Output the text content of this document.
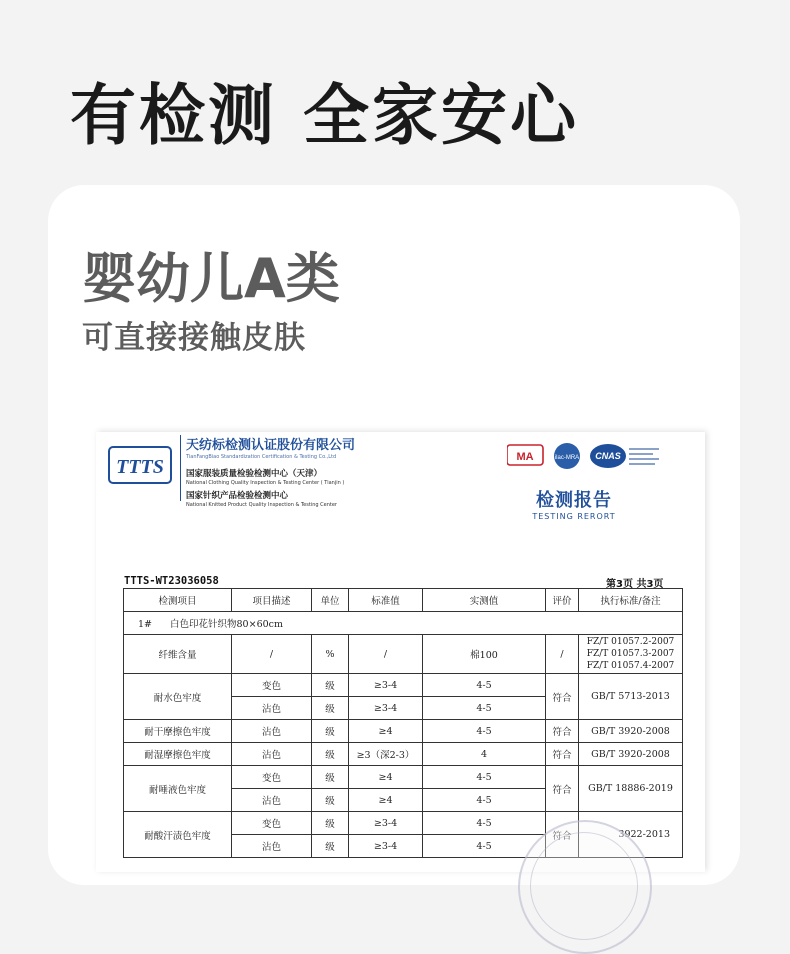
有检测 全家安心
婴幼儿A类
可直接接触皮肤
TTTS
天纺标检测认证股份有限公司
TianFangBiao Standardization Certification & Testing Co.,Ltd
国家服装质量检验检测中心（天津）
National Clothing Quality Inspection & Testing Center ( Tianjin )
国家针织产品检验检测中心
National Knitted Product Quality Inspection & Testing Center
MA	ilac-MRA CNAS
检测报告
TESTING RERORT
TTTS-WT23036058	第3页 共3页
检测项目	项目描述	单位	标准值	实测值	评价	执行标准/备注
1# 白色印花针织物80×60cm						
纤维含量	/	%	/	棉100	/	FZ/T 01057.2-2007
FZ/T 01057.3-2007
FZ/T 01057.4-2007

耐水色牢度	变色	级	≥3-4	4-5	符合	GB/T 5713-2013
	沾色	级	≥3-4	4-5		
耐干摩擦色牢度	沾色	级	≥4	4-5	符合	GB/T 3920-2008
耐湿摩擦色牢度	沾色	级	≥3（深2-3）	4	符合	GB/T 3920-2008
耐唾液色牢度	变色	级	≥4	4-5	符合	GB/T 18886-2019
	沾色	级	≥4	4-5		
耐酸汗渍色牢度	变色	级	≥3-4	4-5	符合	3922-2013
	沾色	级	≥3-4	4-5		
